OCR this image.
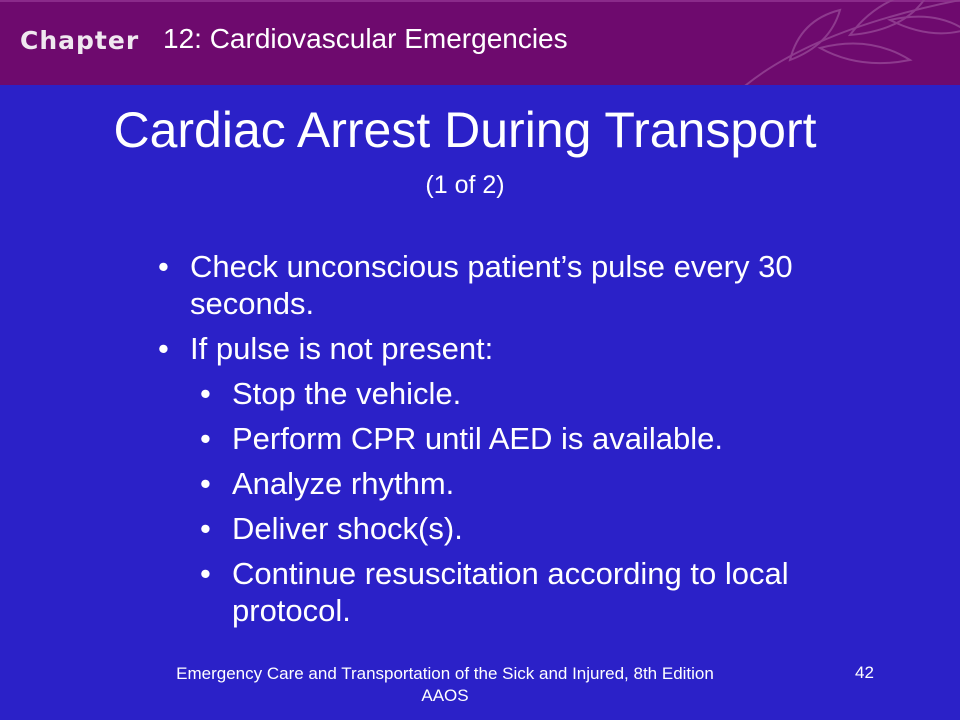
Chapter 12: Cardiovascular Emergencies
Cardiac Arrest During Transport
(1 of 2)
• Check unconscious patient’s pulse every 30 seconds.
• If pulse is not present:
• Stop the vehicle.
• Perform CPR until AED is available.
• Analyze rhythm.
• Deliver shock(s).
• Continue resuscitation according to local protocol.
Emergency Care and Transportation of the Sick and Injured, 8th Edition
AAOS
42
